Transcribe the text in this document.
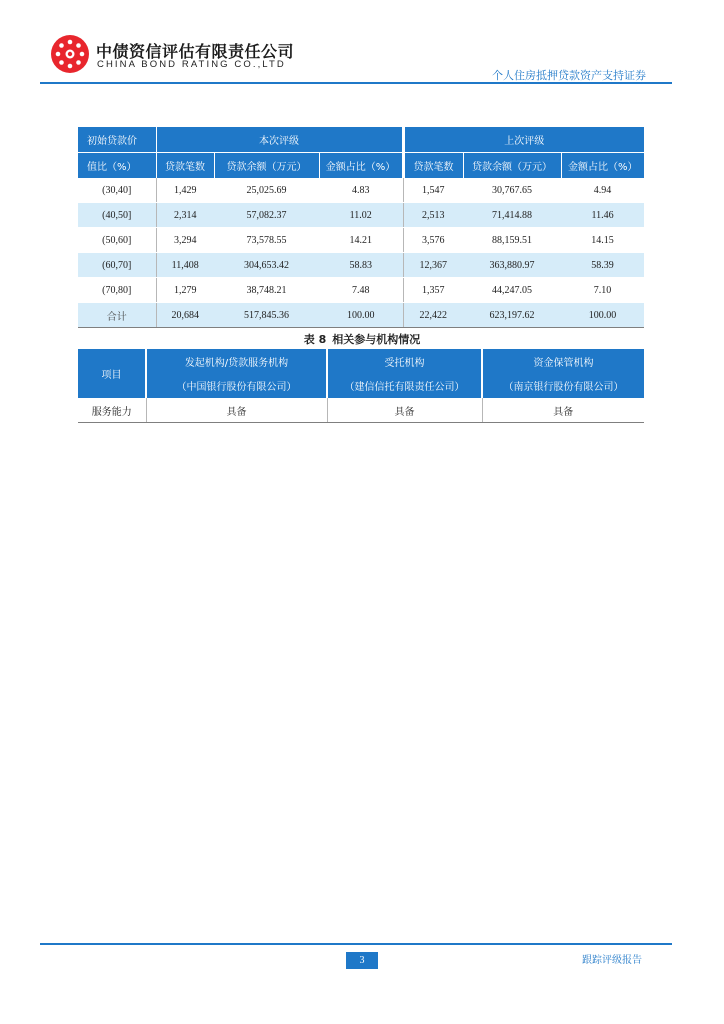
中债资信评估有限责任公司
CHINA BOND RATING CO.,LTD
个人住房抵押贷款资产支持证券
初始贷款价	本次评级			上次评级		
值比（%）	贷款笔数	贷款余额（万元）	金额占比（%）	贷款笔数	贷款余额（万元）	金额占比（%）
(30,40]	1,429	25,025.69	4.83	1,547	30,767.65	4.94
(40,50]	2,314	57,082.37	11.02	2,513	71,414.88	11.46
(50,60]	3,294	73,578.55	14.21	3,576	88,159.51	14.15
(60,70]	11,408	304,653.42	58.83	12,367	363,880.97	58.39
(70,80]	1,279	38,748.21	7.48	1,357	44,247.05	7.10
合计	20,684	517,845.36	100.00	22,422	623,197.62	100.00
表 8 相关参与机构情况
项目	发起机构/贷款服务机构	受托机构	资金保管机构
	（中国银行股份有限公司）	（建信信托有限责任公司）	（南京银行股份有限公司）
服务能力	具备	具备	具备
3	跟踪评级报告
